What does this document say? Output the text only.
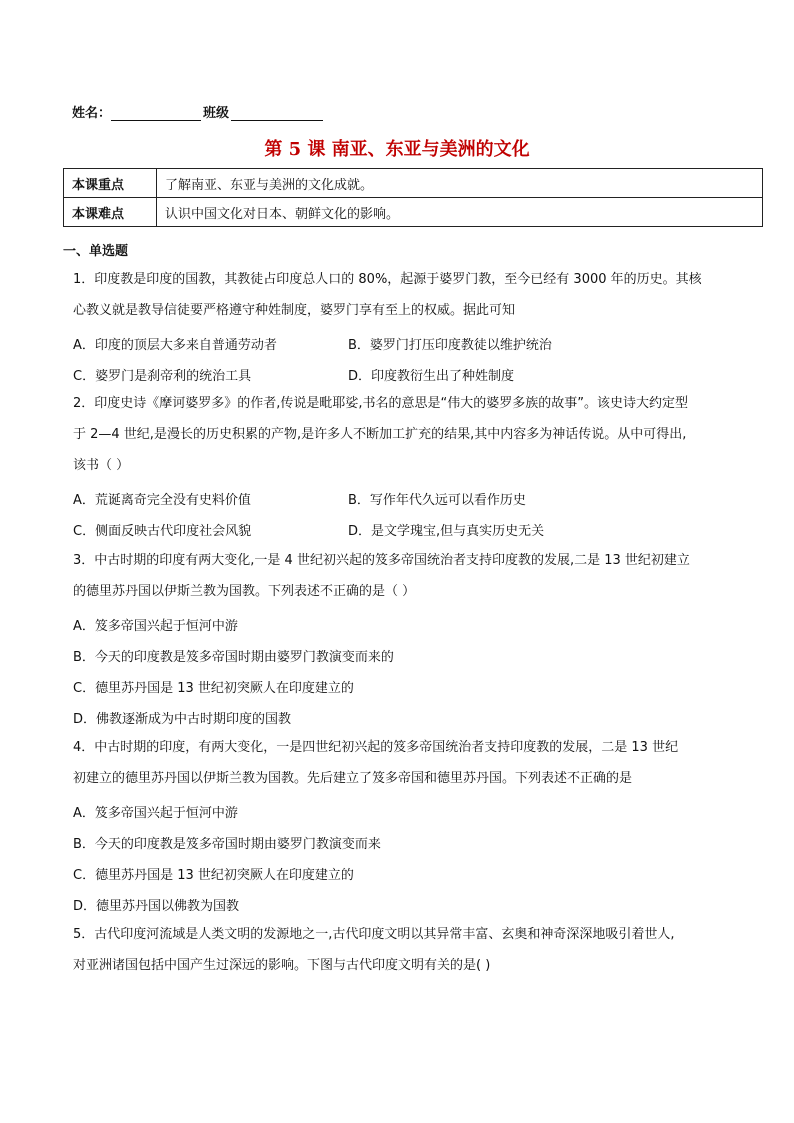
姓名：	班级
第 5 课 南亚、东亚与美洲的文化
本课重点	了解南亚、东亚与美洲的文化成就。
本课难点	认识中国文化对日本、朝鲜文化的影响。
一、单选题
1．印度教是印度的国教，其教徒占印度总人口的 80%，起源于婆罗门教，至今已经有 3000 年的历史。其核
心教义就是教导信徒要严格遵守种姓制度，婆罗门享有至上的权威。据此可知
A．印度的顶层大多来自普通劳动者	B．婆罗门打压印度教徒以维护统治
C．婆罗门是刹帝利的统治工具	D．印度教衍生出了种姓制度
2．印度史诗《摩诃婆罗多》的作者,传说是毗耶娑,书名的意思是“伟大的婆罗多族的故事”。该史诗大约定型
于 2—4 世纪,是漫长的历史积累的产物,是许多人不断加工扩充的结果,其中内容多为神话传说。从中可得出,
该书（ ）
A．荒诞离奇完全没有史料价值	B．写作年代久远可以看作历史
C．侧面反映古代印度社会风貌	D．是文学瑰宝,但与真实历史无关
3．中古时期的印度有两大变化,一是 4 世纪初兴起的笈多帝国统治者支持印度教的发展,二是 13 世纪初建立
的德里苏丹国以伊斯兰教为国教。下列表述不正确的是（ ）
A．笈多帝国兴起于恒河中游
B．今天的印度教是笈多帝国时期由婆罗门教演变而来的
C．德里苏丹国是 13 世纪初突厥人在印度建立的
D．佛教逐渐成为中古时期印度的国教
4．中古时期的印度，有两大变化，一是四世纪初兴起的笈多帝国统治者支持印度教的发展，二是 13 世纪
初建立的德里苏丹国以伊斯兰教为国教。先后建立了笈多帝国和德里苏丹国。下列表述不正确的是
A．笈多帝国兴起于恒河中游
B．今天的印度教是笈多帝国时期由婆罗门教演变而来
C．德里苏丹国是 13 世纪初突厥人在印度建立的
D．德里苏丹国以佛教为国教
5．古代印度河流域是人类文明的发源地之一,古代印度文明以其异常丰富、玄奥和神奇深深地吸引着世人,
对亚洲诸国包括中国产生过深远的影响。下图与古代印度文明有关的是( )
